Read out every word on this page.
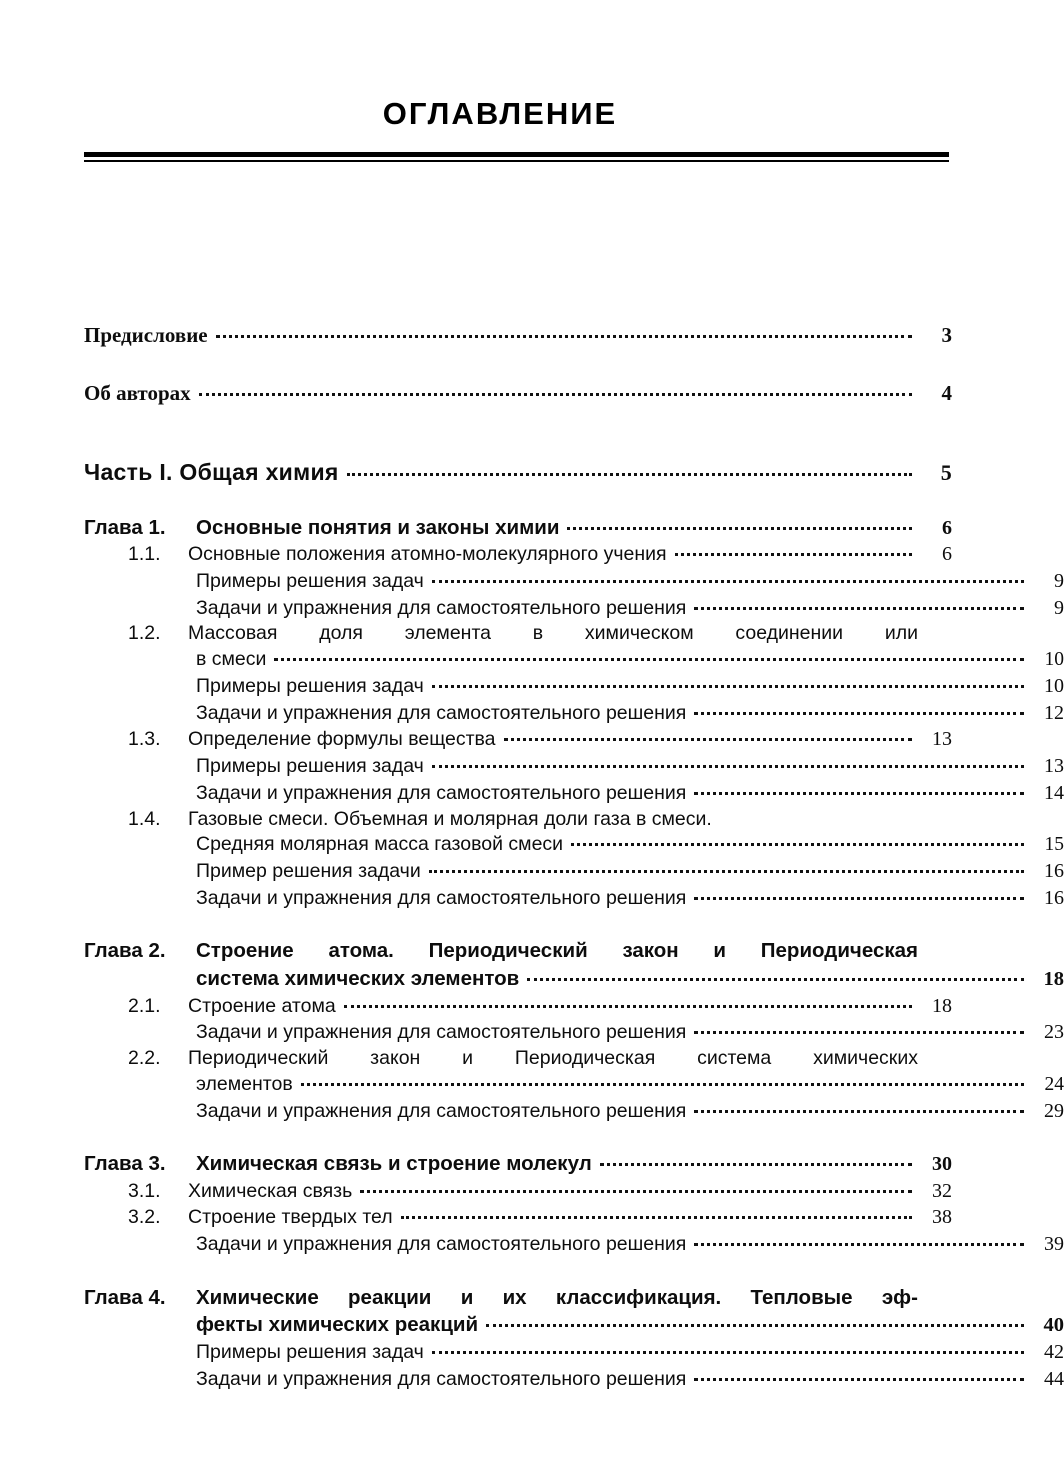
ОГЛАВЛЕНИЕ
Предисловие	3
Об авторах	4
Часть I. Общая химия	5
Глава 1.	Основные понятия и законы химии	6
1.1.	Основные положения атомно-молекулярного учения	6
Примеры решения задач	9
Задачи и упражнения для самостоятельного решения	9
1.2.	Массовая доля элемента в химическом соединении или
в смеси	10
Примеры решения задач	10
Задачи и упражнения для самостоятельного решения	12
1.3.	Определение формулы вещества	13
Примеры решения задач	13
Задачи и упражнения для самостоятельного решения	14
1.4.	Газовые смеси. Объемная и молярная доли газа в смеси.
Средняя молярная масса газовой смеси	15
Пример решения задачи	16
Задачи и упражнения для самостоятельного решения	16
Глава 2.	Строение атома. Периодический закон и Периодическая
система химических элементов	18
2.1.	Строение атома	18
Задачи и упражнения для самостоятельного решения	23
2.2.	Периодический закон и Периодическая система химических
элементов	24
Задачи и упражнения для самостоятельного решения	29
Глава 3.	Химическая связь и строение молекул	30
3.1.	Химическая связь	32
3.2.	Строение твердых тел	38
Задачи и упражнения для самостоятельного решения	39
Глава 4.	Химические реакции и их классификация. Тепловые эф-
фекты химических реакций	40
Примеры решения задач	42
Задачи и упражнения для самостоятельного решения	44
